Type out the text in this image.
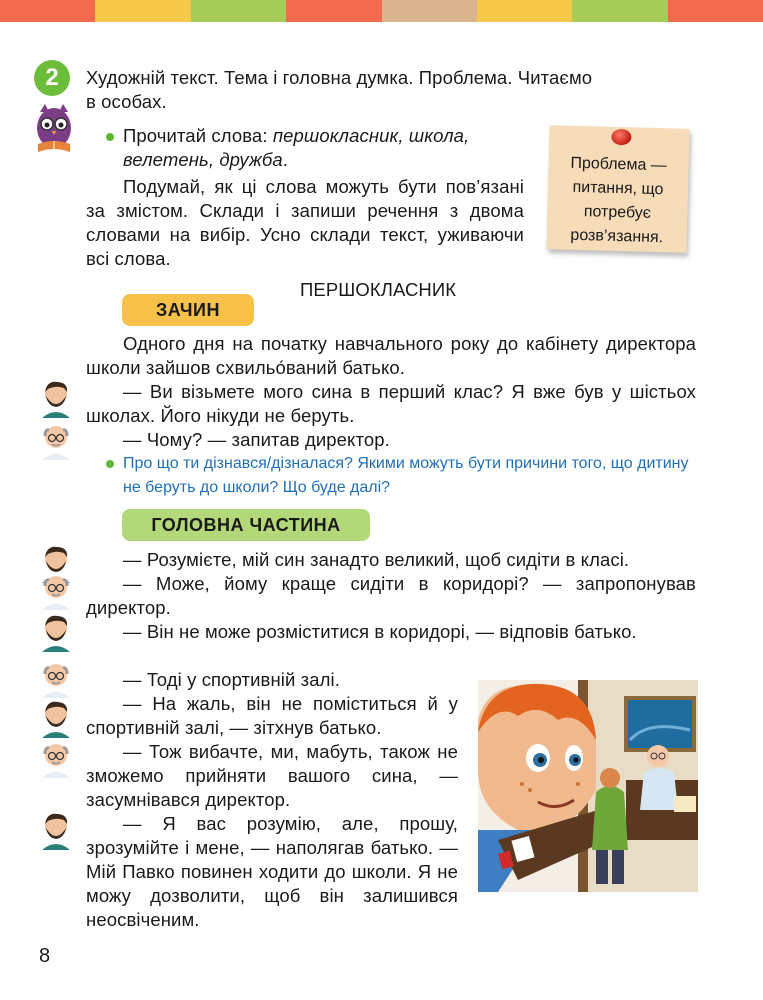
2	Художній текст. Тема і головна думка. Проблема. Читаємо
в особах.
Прочитай слова: першокласник, школа,
велетень, дружба.
Подумай, як ці слова можуть бути пов’язані за змістом. Склади і запиши речення з двома словами на вибір. Усно склади текст, уживаючи всі слова.
Проблема —
питання, що
потребує
розв’язання.
ПЕРШОКЛАСНИК
ЗАЧИН
Одного дня на початку навчального року до кабінету директора школи зайшов схвильо́ваний батько.
— Ви візьмете мого сина в перший клас? Я вже був у шістьох школах. Його нікуди не беруть.
— Чому? — запитав директор.
Про що ти дізнався/дізналася? Якими можуть бути причини того, що дитину не беруть до школи? Що буде далі?
ГОЛОВНА ЧАСТИНА
— Розумієте, мій син занадто великий, щоб сидіти в класі.
— Може, йому краще сидіти в коридорі? — запропонував директор.
— Він не може розміститися в коридорі, — відповів батько.
— Тоді у спортивній залі.
— На жаль, він не поміститься й у спортивній залі, — зітхнув батько.
— Тож вибачте, ми, мабуть, також не зможемо прийняти вашого сина, — засумнівався директор.
— Я вас розумію, але, прошу, зрозумійте і мене, — наполягав батько. — Мій Павко повинен ходити до школи. Я не можу дозволити, щоб він залишився неосвіченим.
8
